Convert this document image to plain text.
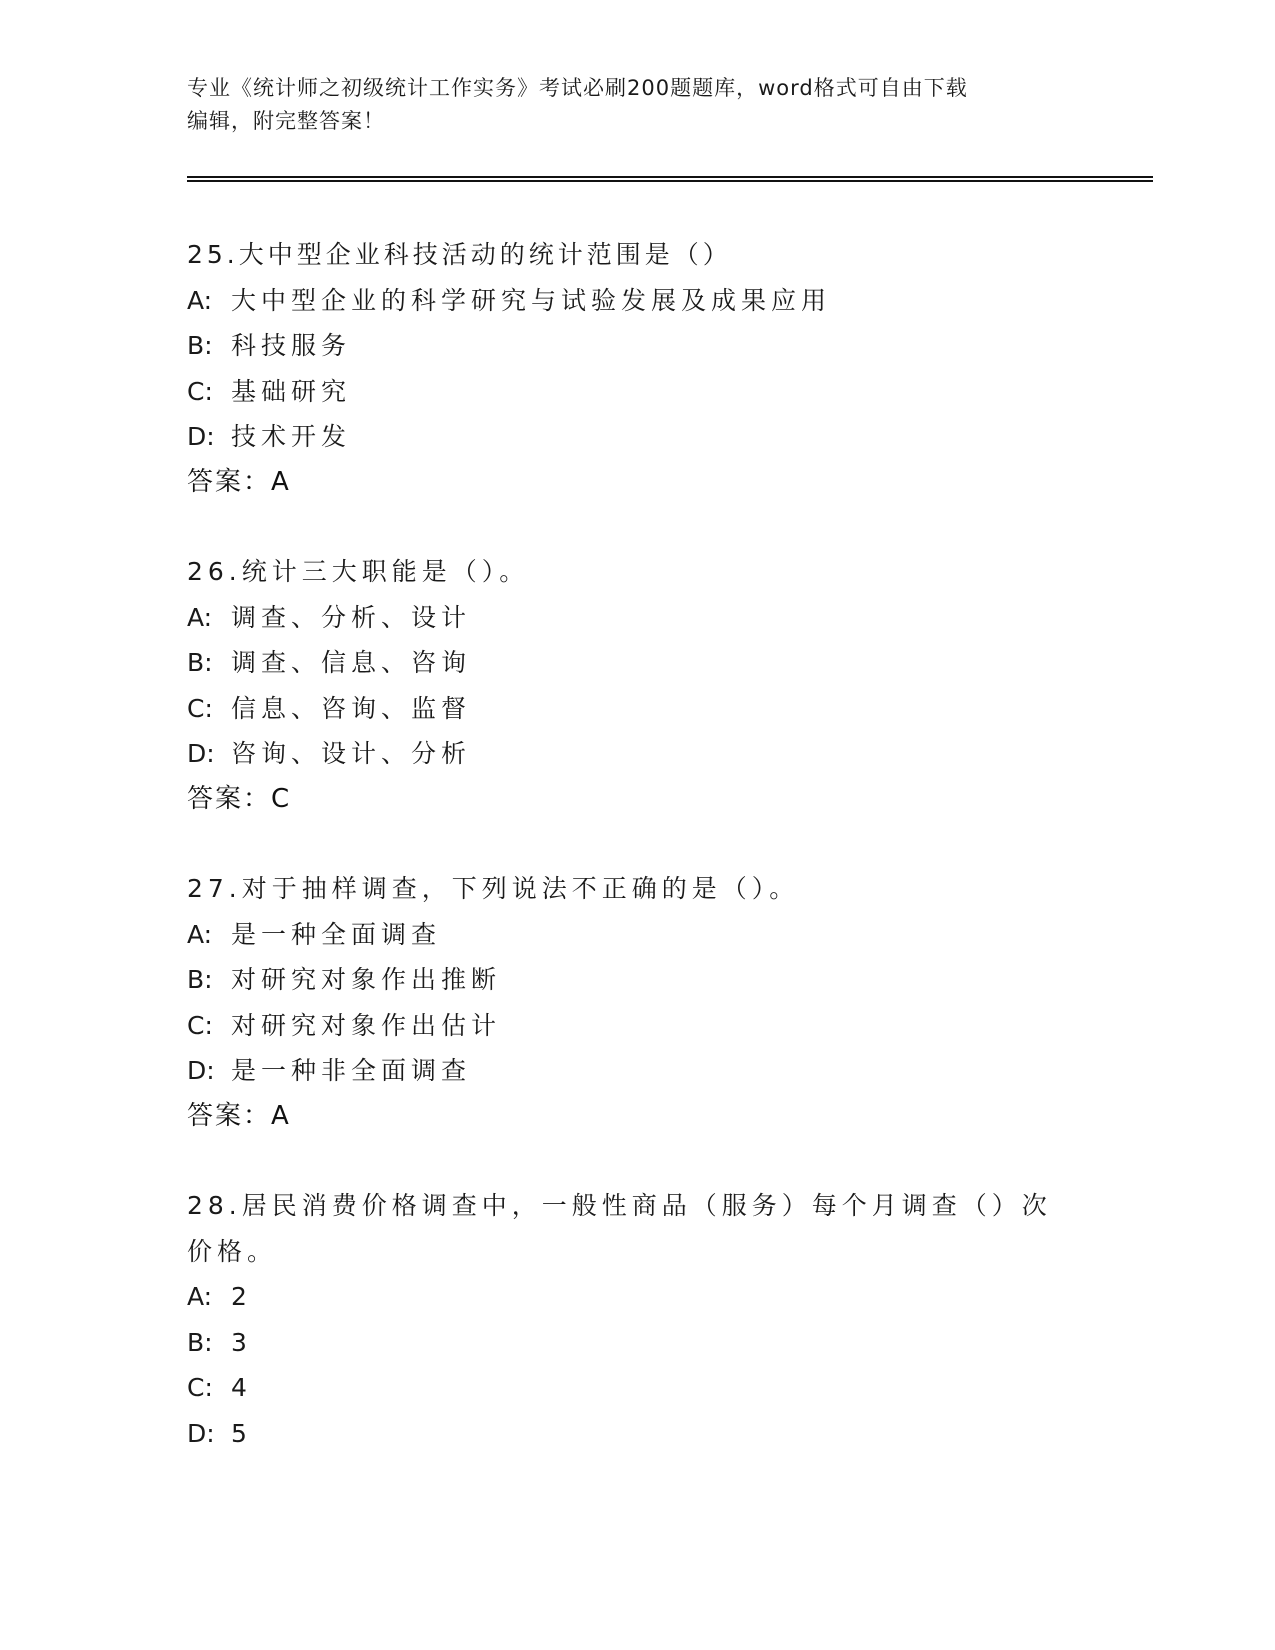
专业《统计师之初级统计工作实务》考试必刷200题题库，word格式可自由下载
编辑，附完整答案！
25.大中型企业科技活动的统计范围是（）
A: 大中型企业的科学研究与试验发展及成果应用
B: 科技服务
C: 基础研究
D: 技术开发
答案：A
26.统计三大职能是（）。
A: 调查、分析、设计
B: 调查、信息、咨询
C: 信息、咨询、监督
D: 咨询、设计、分析
答案：C
27.对于抽样调查，下列说法不正确的是（）。
A: 是一种全面调查
B: 对研究对象作出推断
C: 对研究对象作出估计
D: 是一种非全面调查
答案：A
28.居民消费价格调查中，一般性商品（服务）每个月调查（）次价格。
A: 2
B: 3
C: 4
D: 5
